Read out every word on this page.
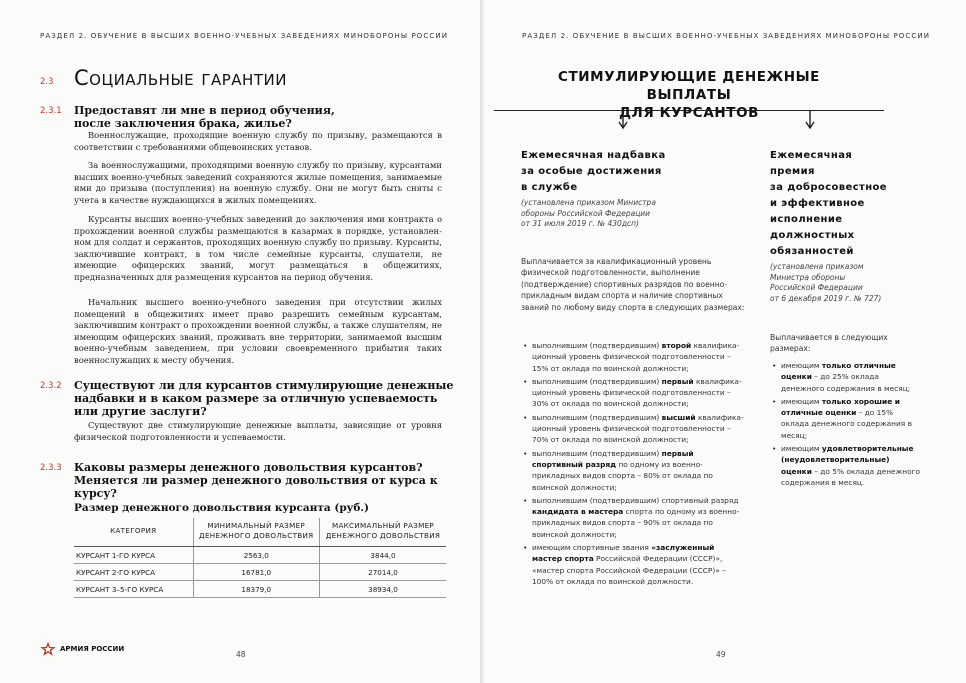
РАЗДЕЛ 2. ОБУЧЕНИЕ В ВЫСШИХ ВОЕННО-УЧЕБНЫХ ЗАВЕДЕНИЯХ МИНОБОРОНЫ РОССИИ
2.3 Социальные гарантии
2.3.1 Предоставят ли мне в период обучения,
после заключения брака, жилье?
Военнослужащие, проходящие военную службу по призыву, размещаются в соответствии с требованиями общевоинских уставов.
За военнослужащими, проходящими военную службу по призыву, курсантами высших военно-учебных заведений сохраняются жилые помещения, занимаемые ими до призыва (поступления) на военную службу. Они не могут быть сняты с учета в качестве нуждающихся в жилых помещениях.
Курсанты высших военно-учебных заведений до заключения ими контракта о прохождении военной службы размещаются в казармах в порядке, установленном для солдат и сержантов, проходящих военную службу по призыву. Курсанты, заключившие контракт, в том числе семейные курсанты, слушатели, не имеющие офицерских званий, могут размещаться в общежитиях, предназначенных для размещения курсантов на период обучения.
Начальник высшего военно-учебного заведения при отсутствии жилых помещений в общежитиях имеет право разрешить семейным курсантам, заключившим контракт о прохождении военной службы, а также слушателям, не имеющим офицерских званий, проживать вне территории, занимаемой высшим военно-учебным заведением, при условии своевременного прибытия таких военнослужащих к месту обучения.
2.3.2 Существуют ли для курсантов стимулирующие денежные
надбавки и в каком размере за отличную успеваемость
или другие заслуги?
Существуют две стимулирующие денежные выплаты, зависящие от уровня физической подготовленности и успеваемости.
2.3.3 Каковы размеры денежного довольствия курсантов?
Меняется ли размер денежного довольствия от курса к курсу?
Размер денежного довольствия курсанта (руб.)
КАТЕГОРИЯ	МИНИМАЛЬНЫЙ РАЗМЕР ДЕНЕЖНОГО ДОВОЛЬСТВИЯ	МАКСИМАЛЬНЫЙ РАЗМЕР ДЕНЕЖНОГО ДОВОЛЬСТВИЯ
КУРСАНТ 1-ГО КУРСА	2563,0	3844,0
КУРСАНТ 2-ГО КУРСА	16781,0	27014,0
КУРСАНТ 3–5-ГО КУРСА	18379,0	38934,0
АРМИЯ РОССИИ
48
РАЗДЕЛ 2. ОБУЧЕНИЕ В ВЫСШИХ ВОЕННО-УЧЕБНЫХ ЗАВЕДЕНИЯХ МИНОБОРОНЫ РОССИИ
СТИМУЛИРУЮЩИЕ ДЕНЕЖНЫЕ ВЫПЛАТЫ
ДЛЯ КУРСАНТОВ
Ежемесячная надбавка
за особые достижения
в службе
(установлена приказом Министра
обороны Российской Федерации
от 31 июля 2019 г. № 430дсп)
Выплачивается за квалификационный уровень физической подготовленности, выполнение (подтверждение) спортивных разрядов по военно-прикладным видам спорта и наличие спортивных званий по любому виду спорта в следующих размерах:
• выполнившим (подтвердившим) второй квалификационный уровень физической подготовленности – 15% от оклада по воинской должности;
• выполнившим (подтвердившим) первый квалификационный уровень физической подготовленности – 30% от оклада по воинской должности;
• выполнившим (подтвердившим) высший квалификационный уровень физической подготовленности – 70% от оклада по воинской должности;
• выполнившим (подтвердившим) первый спортивный разряд по одному из военно-прикладных видов спорта – 80% от оклада по воинской должности;
• выполнившим (подтвердившим) спортивный разряд кандидата в мастера спорта по одному из военно-прикладных видов спорта – 90% от оклада по воинской должности;
• имеющим спортивные звания «заслуженный мастер спорта Российской Федерации (СССР)», «мастер спорта Российской Федерации (СССР)» – 100% от оклада по воинской должности.
Ежемесячная
премия
за добросовестное
и эффективное
исполнение
должностных
обязанностей
(установлена приказом
Министра обороны
Российской Федерации
от 6 декабря 2019 г. № 727)
Выплачивается в следующих размерах:
• имеющим только отличные оценки – до 25% оклада денежного содержания в месяц;
• имеющим только хорошие и отличные оценки – до 15% оклада денежного содержания в месяц;
• имеющим удовлетворительные (неудовлетворительные) оценки – до 5% оклада денежного содержания в месяц.
49
